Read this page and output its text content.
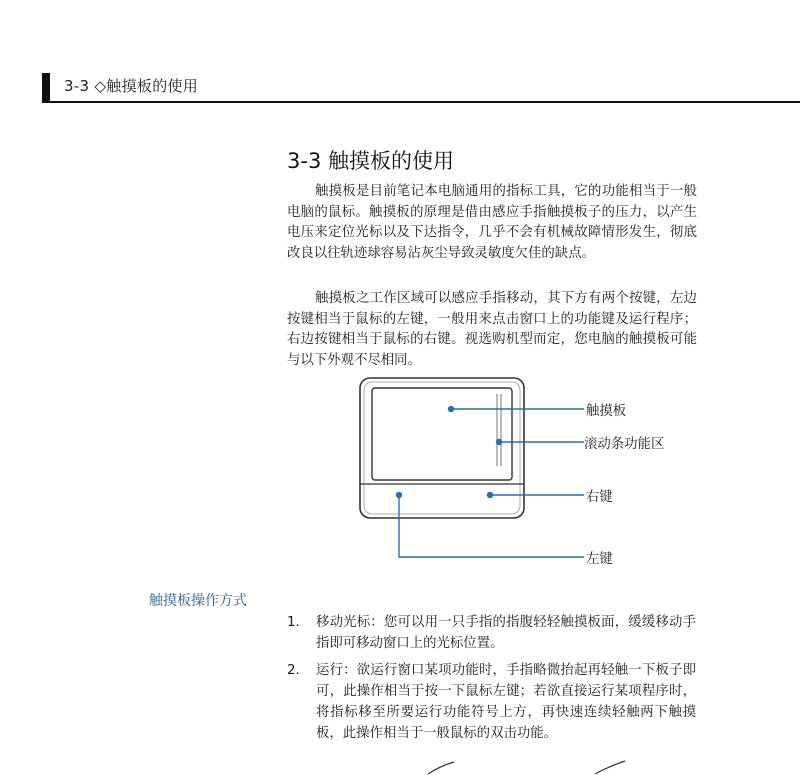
3-3 ◇触摸板的使用
3-3 触摸板的使用

触摸板是目前笔记本电脑通用的指标工具，它的功能相当于一般电脑的鼠标。触摸板的原理是借由感应手指触摸板子的压力，以产生电压来定位光标以及下达指令，几乎不会有机械故障情形发生，彻底改良以往轨迹球容易沾灰尘导致灵敏度欠佳的缺点。

触摸板之工作区域可以感应手指移动，其下方有两个按键，左边按键相当于鼠标的左键，一般用来点击窗口上的功能键及运行程序；右边按键相当于鼠标的右键。视选购机型而定，您电脑的触摸板可能与以下外观不尽相同。

触摸板
滚动条功能区
右键
左键
触摸板操作方式
1. 移动光标：您可以用一只手指的指腹轻轻触摸板面，缓缓移动手指即可移动窗口上的光标位置。
2. 运行：欲运行窗口某项功能时，手指略微抬起再轻触一下板子即可，此操作相当于按一下鼠标左键；若欲直接运行某项程序时，将指标移至所要运行功能符号上方，再快速连续轻触两下触摸板，此操作相当于一般鼠标的双击功能。
